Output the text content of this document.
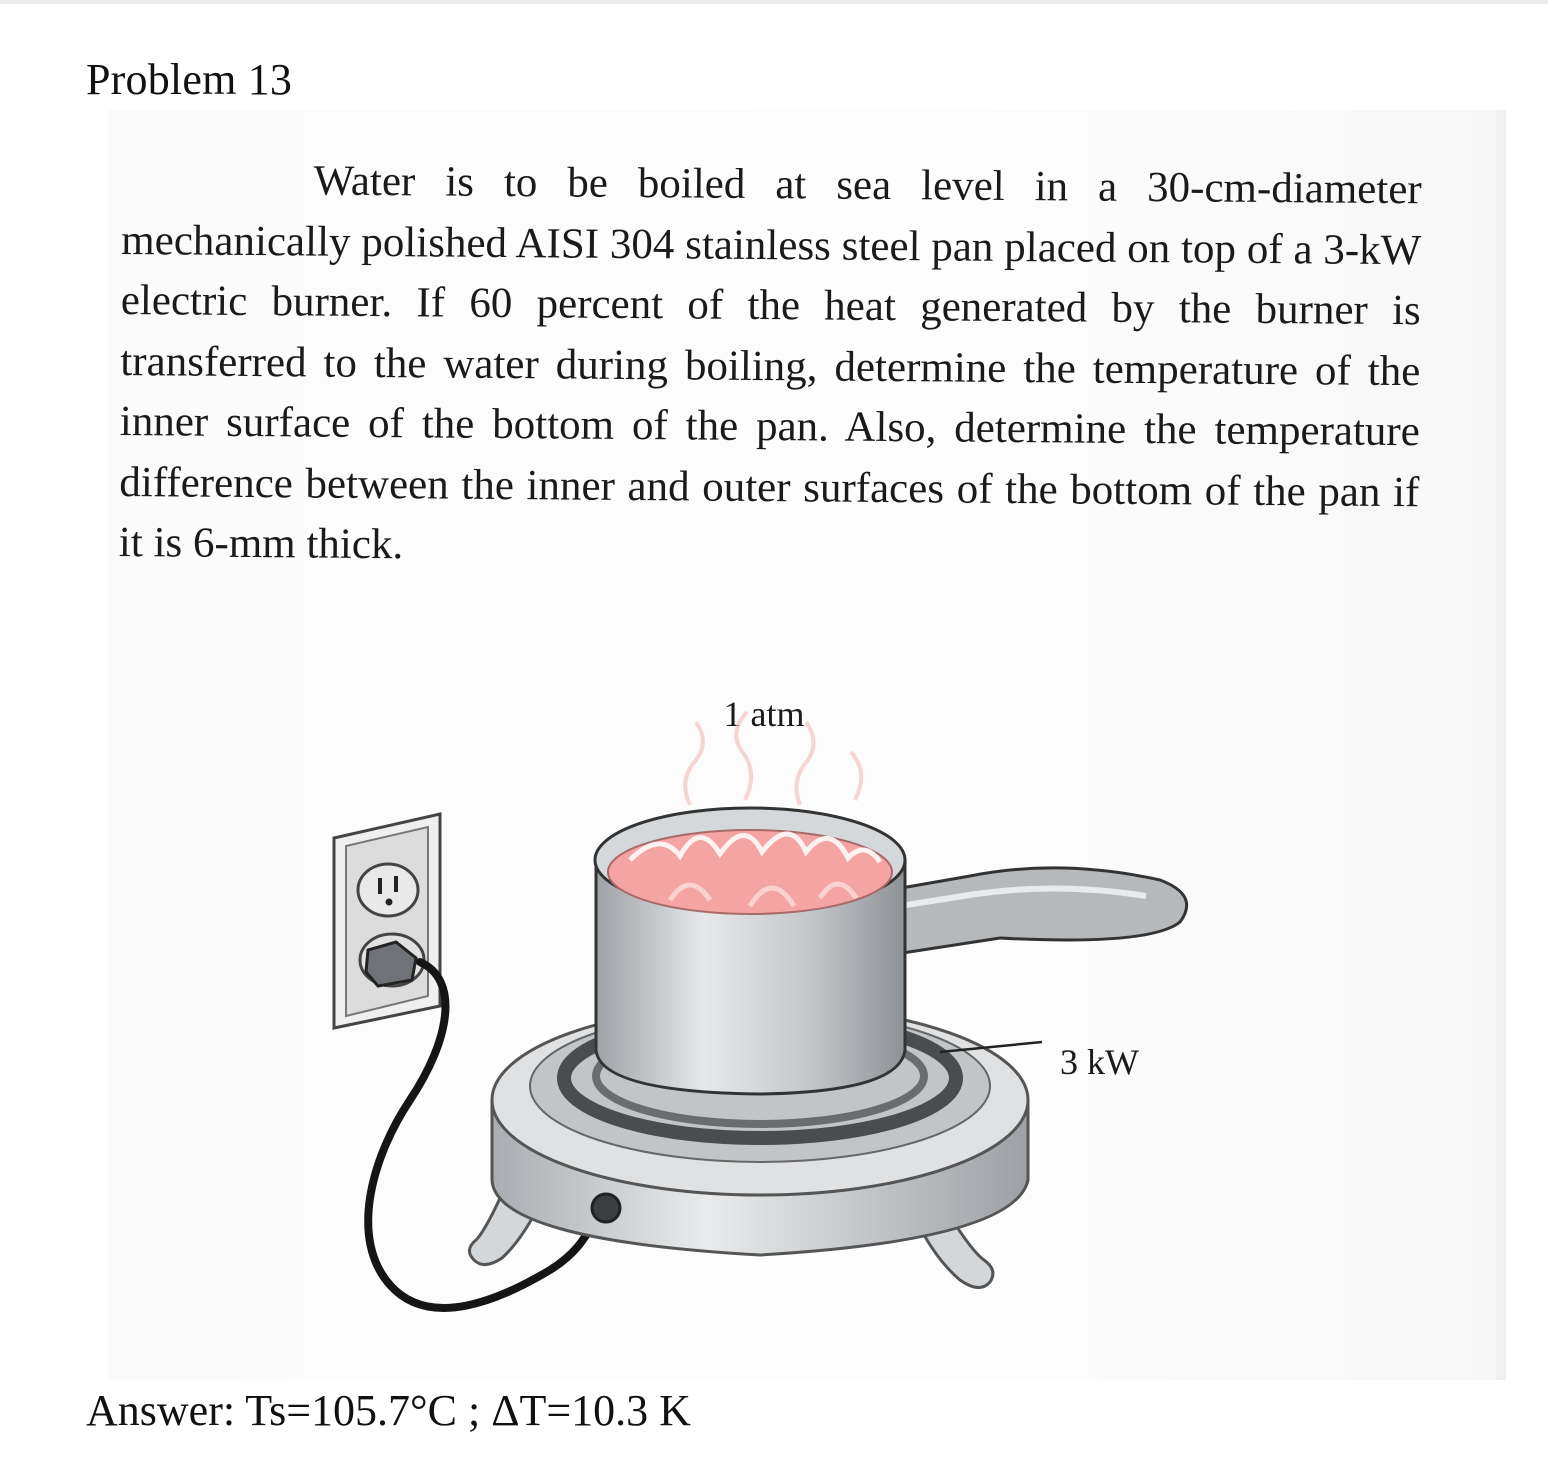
Problem 13
Water is to be boiled at sea level in a 30-cm-diameter mechanically polished AISI 304 stainless steel pan placed on top of a 3-kW electric burner. If 60 percent of the heat generated by the burner is transferred to the water during boiling, determine the temperature of the inner surface of the bottom of the pan. Also, determine the temperature difference between the inner and outer surfaces of the bottom of the pan if it is 6-mm thick.
1 atm
3 kW
Answer: Ts=105.7°C ; ΔT=10.3 K
